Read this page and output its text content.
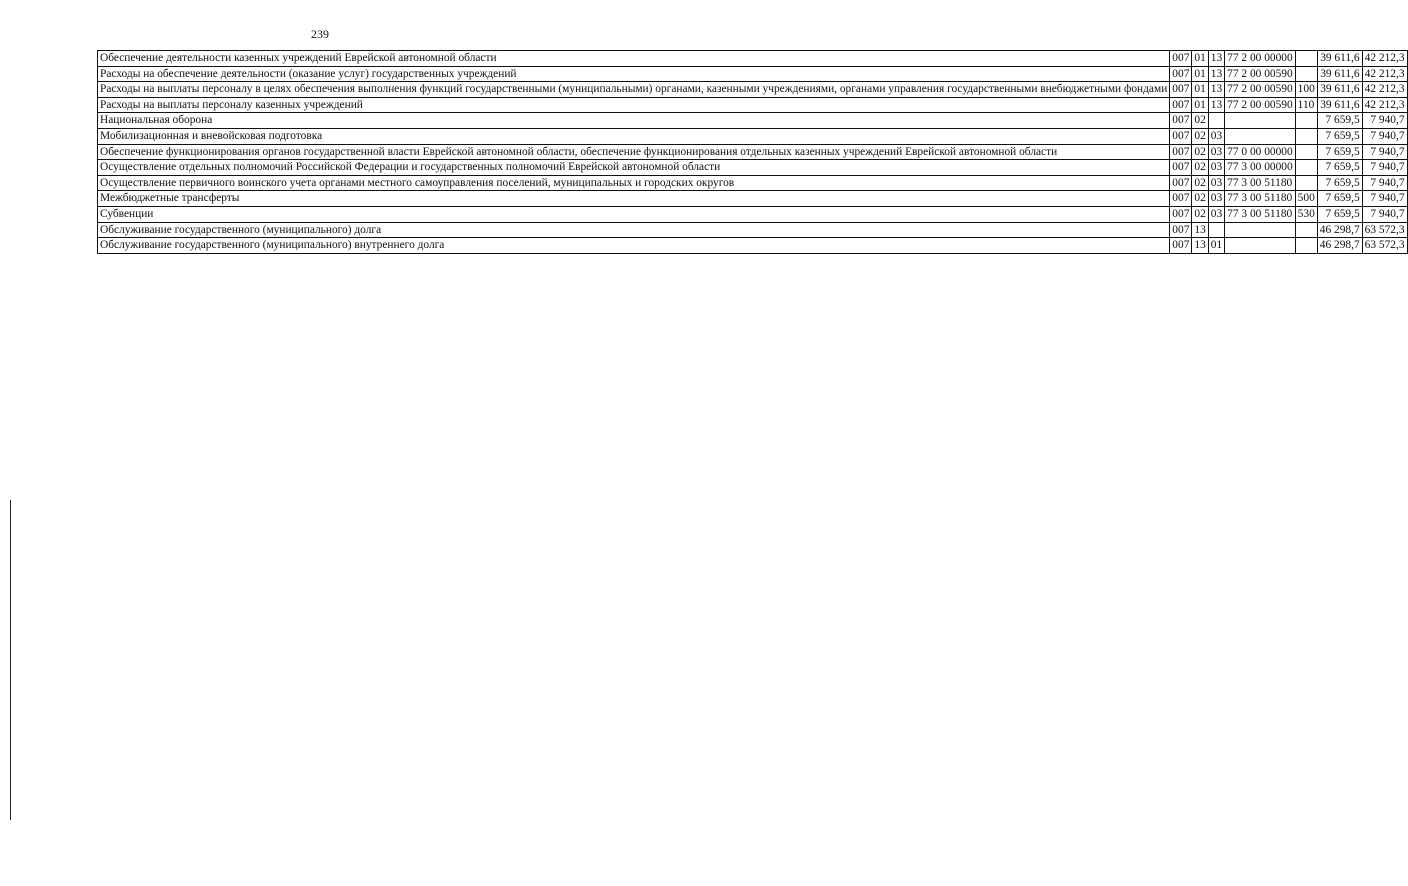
239
Обеспечение деятельности казенных учреждений Еврейской автономной области	007	01	13	77 2 00 00000		39 611,6	42 212,3

Расходы на обеспечение деятельности (оказание услуг) государственных учреждений	007	01	13	77 2 00 00590		39 611,6	42 212,3

Расходы на выплаты персоналу в целях обеспечения выполнения функций государственными (муниципальными) органами, казенными учреждениями, органами управления государственными внебюджетными фондами	007	01	13	77 2 00 00590	100	39 611,6	42 212,3

Расходы на выплаты персоналу казенных учреждений	007	01	13	77 2 00 00590	110	39 611,6	42 212,3

Национальная оборона	007	02				7 659,5	7 940,7

Мобилизационная и вневойсковая подготовка	007	02	03			7 659,5	7 940,7

Обеспечение функционирования органов государственной власти Еврейской автономной области, обеспечение функционирования отдельных казенных учреждений Еврейской автономной области	007	02	03	77 0 00 00000		7 659,5	7 940,7

Осуществление отдельных полномочий Российской Федерации и государственных полномочий Еврейской автономной области	007	02	03	77 3 00 00000		7 659,5	7 940,7

Осуществление первичного воинского учета органами местного самоуправления поселений, муниципальных и городских округов	007	02	03	77 3 00 51180		7 659,5	7 940,7

Межбюджетные трансферты	007	02	03	77 3 00 51180	500	7 659,5	7 940,7

Субвенции	007	02	03	77 3 00 51180	530	7 659,5	7 940,7

Обслуживание государственного (муниципального) долга	007	13				46 298,7	63 572,3

Обслуживание государственного (муниципального) внутреннего долга	007	13	01			46 298,7	63 572,3
